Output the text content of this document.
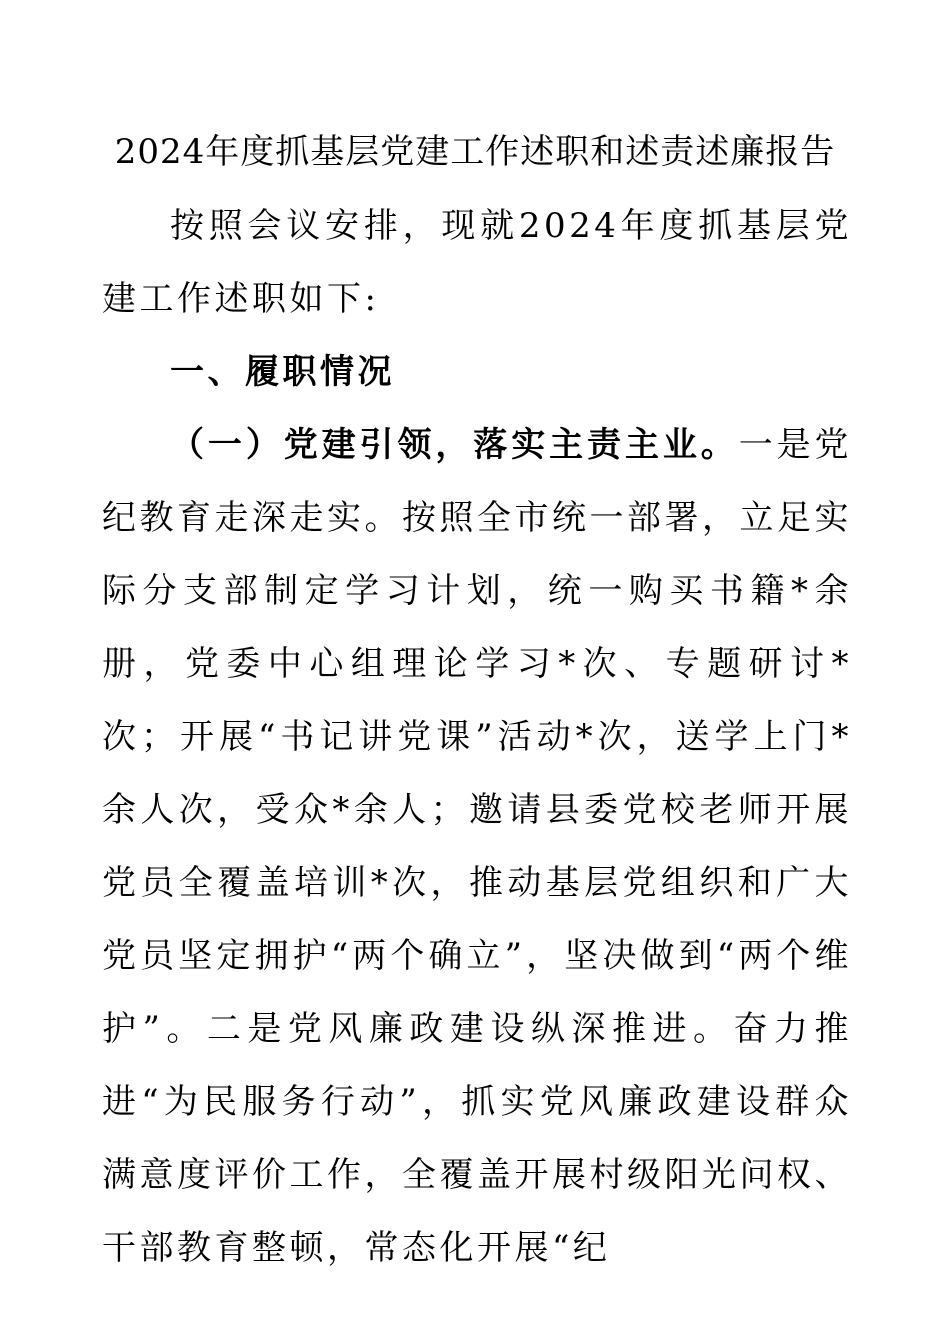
2024年度抓基层党建工作述职和述责述廉报告

按照会议安排，现就2024年度抓基层党建工作述职如下:

一、履职情况

（一）党建引领，落实主责主业。一是党纪教育走深走实。按照全市统一部署，立足实际分支部制定学习计划，统一购买书籍*余册，党委中心组理论学习*次、专题研讨*次；开展“书记讲党课”活动*次，送学上门*余人次，受众*余人；邀请县委党校老师开展党员全覆盖培训*次，推动基层党组织和广大党员坚定拥护“两个确立”，坚决做到“两个维护”。二是党风廉政建设纵深推进。奋力推进“为民服务行动”，抓实党风廉政建设群众满意度评价工作，全覆盖开展村级阳光问权、干部教育整顿，常态化开展“纪
